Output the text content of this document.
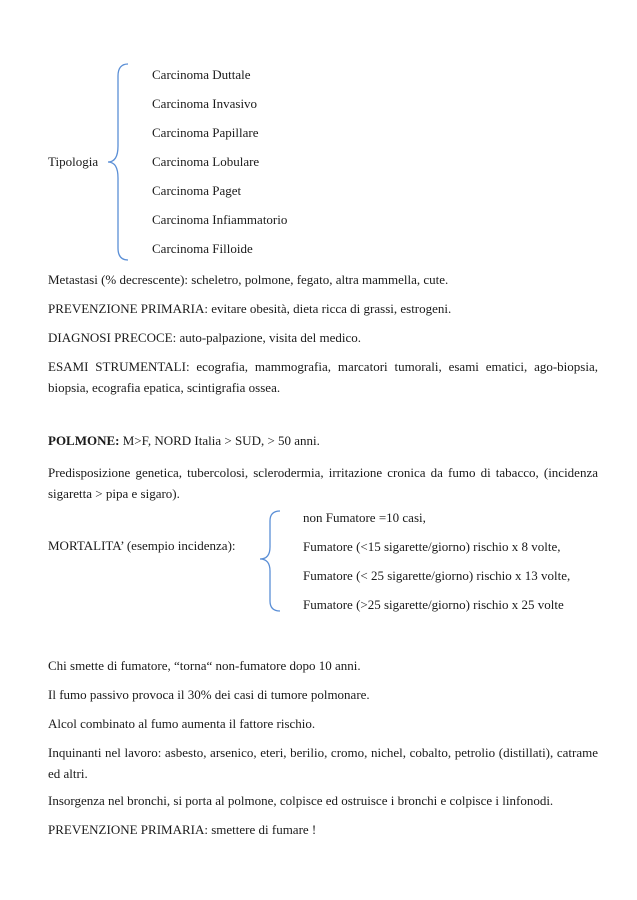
Tipologia
Carcinoma Duttale
Carcinoma Invasivo
Carcinoma Papillare
Carcinoma Lobulare
Carcinoma Paget
Carcinoma Infiammatorio
Carcinoma Filloide
Metastasi (% decrescente): scheletro, polmone, fegato, altra mammella, cute.
PREVENZIONE PRIMARIA: evitare obesità, dieta ricca di grassi, estrogeni.
DIAGNOSI PRECOCE: auto-palpazione, visita del medico.
ESAMI STRUMENTALI: ecografia, mammografia, marcatori tumorali, esami ematici, ago-biopsia, biopsia, ecografia epatica, scintigrafia ossea.
POLMONE: M>F, NORD Italia > SUD, > 50 anni.
Predisposizione genetica, tubercolosi, sclerodermia, irritazione cronica da fumo di tabacco, (incidenza sigaretta > pipa e sigaro).
MORTALITA’ (esempio incidenza):
non Fumatore =10 casi,
Fumatore (<15 sigarette/giorno) rischio x 8 volte,
Fumatore (< 25 sigarette/giorno) rischio x 13 volte,
Fumatore (>25 sigarette/giorno) rischio x 25 volte
Chi smette di fumatore, “torna“ non-fumatore dopo 10 anni.
Il fumo passivo provoca il 30% dei casi di tumore polmonare.
Alcol combinato al fumo aumenta il fattore rischio.
Inquinanti nel lavoro: asbesto, arsenico, eteri, berilio, cromo, nichel, cobalto, petrolio (distillati), catrame ed altri.
Insorgenza nel bronchi, si porta al polmone, colpisce ed ostruisce i bronchi e colpisce i linfonodi.
PREVENZIONE PRIMARIA: smettere di fumare !
